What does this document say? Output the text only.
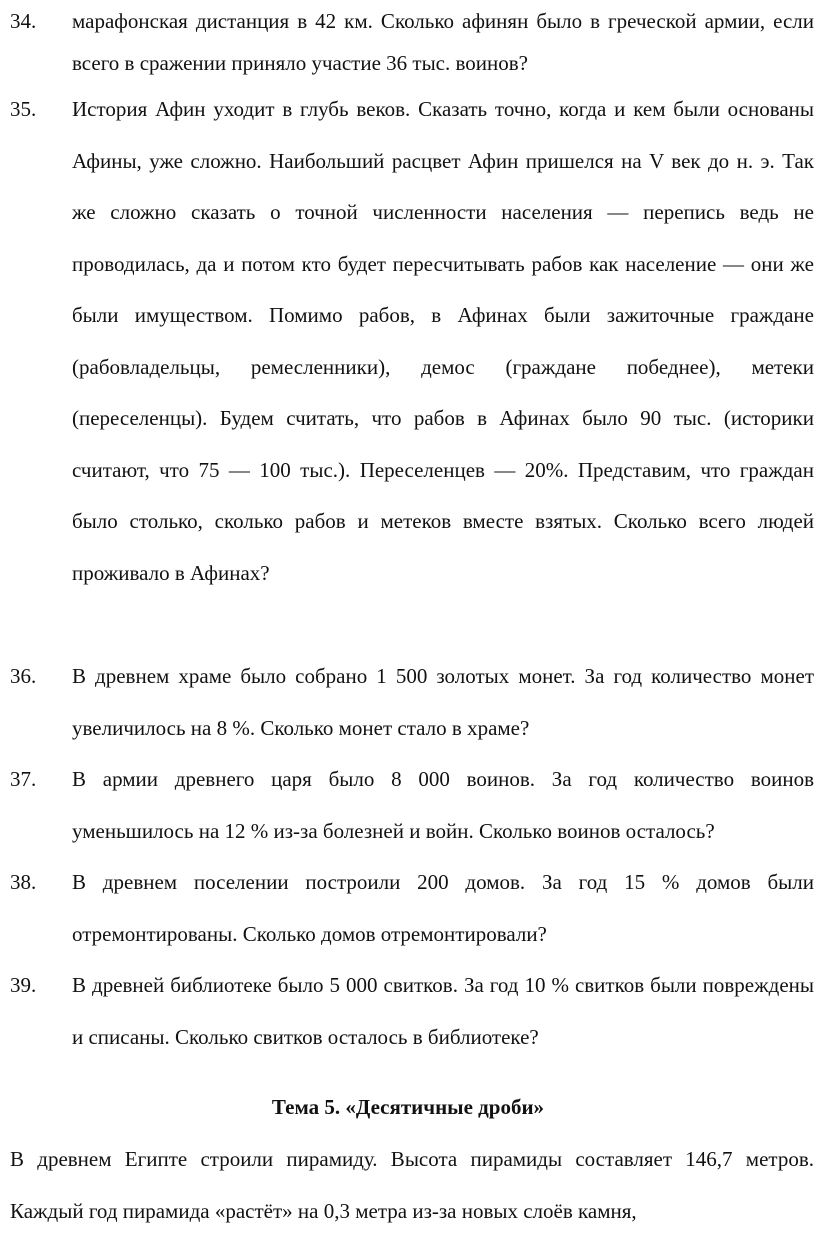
34. марафонская дистанция в 42 км. Сколько афинян было в греческой армии, если всего в сражении приняло участие 36 тыс. воинов?

35. История Афин уходит в глубь веков. Сказать точно, когда и кем были основаны Афины, уже сложно. Наибольший расцвет Афин пришелся на V век до н. э. Так же сложно сказать о точной численности населения — перепись ведь не проводилась, да и потом кто будет пересчитывать рабов как население — они же были имуществом. Помимо рабов, в Афинах были зажиточные граждане (рабовладельцы, ремесленники), демос (граждане победнее), метеки (переселенцы). Будем считать, что рабов в Афинах было 90 тыс. (историки считают, что 75 — 100 тыс.). Переселенцев — 20%. Представим, что граждан было столько, сколько рабов и метеков вместе взятых. Сколько всего людей проживало в Афинах?

36. В древнем храме было собрано 1 500 золотых монет. За год количество монет увеличилось на 8 %. Сколько монет стало в храме?

37. В армии древнего царя было 8 000 воинов. За год количество воинов уменьшилось на 12 % из-за болезней и войн. Сколько воинов осталось?

38. В древнем поселении построили 200 домов. За год 15 % домов были отремонтированы. Сколько домов отремонтировали?

39. В древней библиотеке было 5 000 свитков. За год 10 % свитков были повреждены и списаны. Сколько свитков осталось в библиотеке?

Тема 5. «Десятичные дроби»

В древнем Египте строили пирамиду. Высота пирамиды составляет 146,7 метров. Каждый год пирамида «растёт» на 0,3 метра из-за новых слоёв камня,
